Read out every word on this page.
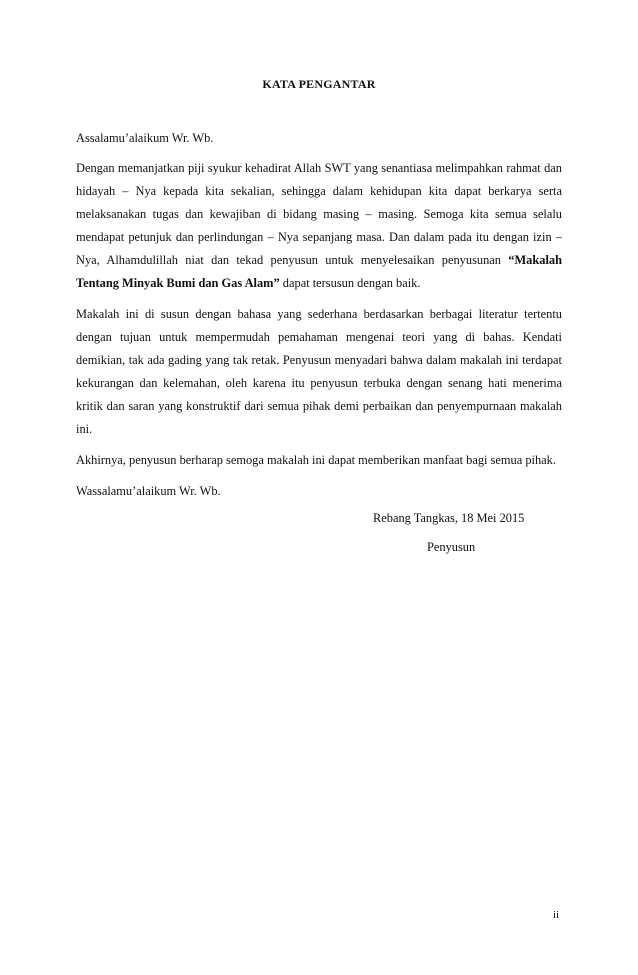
KATA PENGANTAR

Assalamu’alaikum Wr. Wb.

Dengan memanjatkan piji syukur kehadirat Allah SWT yang senantiasa melimpahkan rahmat dan hidayah – Nya kepada kita sekalian, sehingga dalam kehidupan kita dapat berkarya serta melaksanakan tugas dan kewajiban di bidang masing – masing. Semoga kita semua selalu mendapat petunjuk dan perlindungan – Nya sepanjang masa. Dan dalam pada itu dengan izin – Nya, Alhamdulillah niat dan tekad penyusun untuk menyelesaikan penyusunan “Makalah Tentang Minyak Bumi dan Gas Alam” dapat tersusun dengan baik.

Makalah ini di susun dengan bahasa yang sederhana berdasarkan berbagai literatur tertentu dengan tujuan untuk mempermudah pemahaman mengenai teori yang di bahas. Kendati demikian, tak ada gading yang tak retak. Penyusun menyadari bahwa dalam makalah ini terdapat kekurangan dan kelemahan, oleh karena itu penyusun terbuka dengan senang hati menerima kritik dan saran yang konstruktif dari semua pihak demi perbaikan dan penyempurnaan makalah ini.

Akhirnya, penyusun berharap semoga makalah ini dapat memberikan manfaat bagi semua pihak.

Wassalamu’alaikum Wr. Wb.

Rebang Tangkas, 18 Mei 2015
Penyusun
ii
